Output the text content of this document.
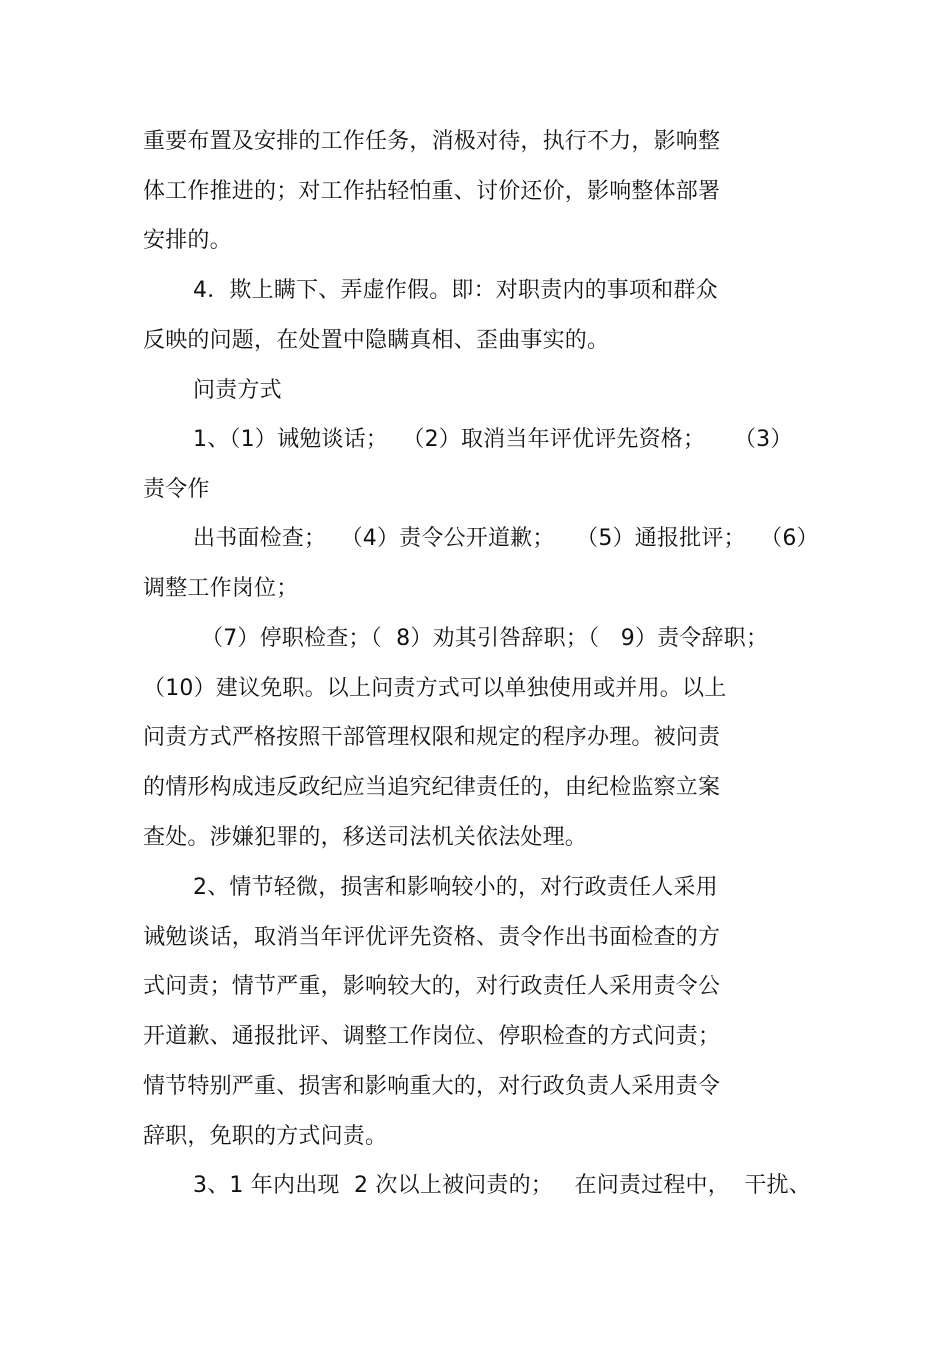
重要布置及安排的工作任务，消极对待，执行不力，影响整
体工作推进的；对工作拈轻怕重、讨价还价，影响整体部署
安排的。
4．欺上瞒下、弄虚作假。即：对职责内的事项和群众
反映的问题，在处置中隐瞒真相、歪曲事实的。
问责方式
1、（1）诫勉谈话；  （2）取消当年评优评先资格；    （3）
责令作
出书面检查；  （4）责令公开道歉；   （5）通报批评；  （6）
调整工作岗位；
（7）停职检查；（  8）劝其引咎辞职；（   9）责令辞职；
（10）建议免职。以上问责方式可以单独使用或并用。以上
问责方式严格按照干部管理权限和规定的程序办理。被问责
的情形构成违反政纪应当追究纪律责任的，由纪检监察立案
查处。涉嫌犯罪的，移送司法机关依法处理。
2、情节轻微，损害和影响较小的，对行政责任人采用
诫勉谈话，取消当年评优评先资格、责令作出书面检查的方
式问责；情节严重，影响较大的，对行政责任人采用责令公
开道歉、通报批评、调整工作岗位、停职检查的方式问责；
情节特别严重、损害和影响重大的，对行政负责人采用责令
辞职，免职的方式问责。
3、1 年内出现  2 次以上被问责的；   在问责过程中，  干扰、
